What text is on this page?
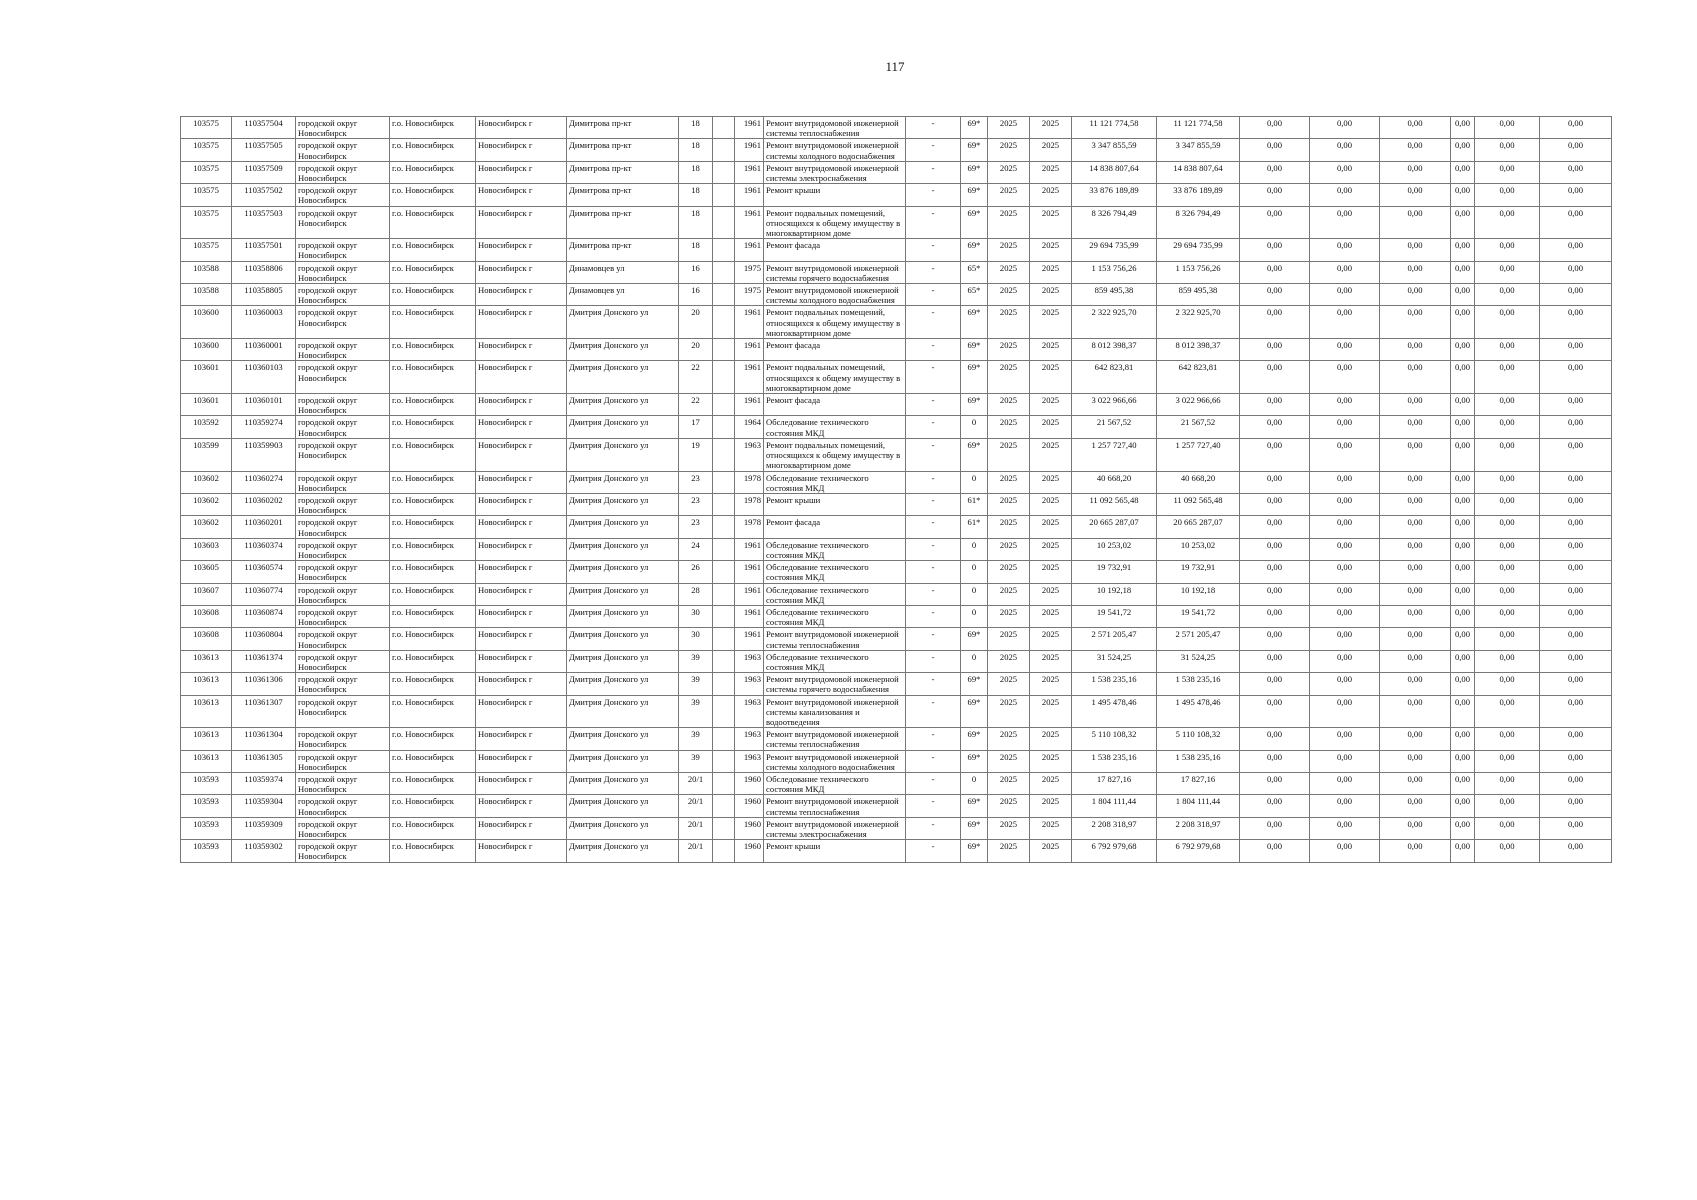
117
103575	110357504	городской округ Новосибирск	г.о. Новосибирск	Новосибирск г	Димитрова пр-кт	18		1961	Ремонт внутридомовой инженерной системы теплоснабжения	-	69*	2025	2025	11 121 774,58	11 121 774,58	0,00	0,00	0,00	0,00	0,00	0,00
103575	110357505	городской округ Новосибирск	г.о. Новосибирск	Новосибирск г	Димитрова пр-кт	18		1961	Ремонт внутридомовой инженерной системы холодного водоснабжения	-	69*	2025	2025	3 347 855,59	3 347 855,59	0,00	0,00	0,00	0,00	0,00	0,00
103575	110357509	городской округ Новосибирск	г.о. Новосибирск	Новосибирск г	Димитрова пр-кт	18		1961	Ремонт внутридомовой инженерной системы электроснабжения	-	69*	2025	2025	14 838 807,64	14 838 807,64	0,00	0,00	0,00	0,00	0,00	0,00
103575	110357502	городской округ Новосибирск	г.о. Новосибирск	Новосибирск г	Димитрова пр-кт	18		1961	Ремонт крыши	-	69*	2025	2025	33 876 189,89	33 876 189,89	0,00	0,00	0,00	0,00	0,00	0,00
103575	110357503	городской округ Новосибирск	г.о. Новосибирск	Новосибирск г	Димитрова пр-кт	18		1961	Ремонт подвальных помещений, относящихся к общему имуществу в многоквартирном доме	-	69*	2025	2025	8 326 794,49	8 326 794,49	0,00	0,00	0,00	0,00	0,00	0,00
103575	110357501	городской округ Новосибирск	г.о. Новосибирск	Новосибирск г	Димитрова пр-кт	18		1961	Ремонт фасада	-	69*	2025	2025	29 694 735,99	29 694 735,99	0,00	0,00	0,00	0,00	0,00	0,00
103588	110358806	городской округ Новосибирск	г.о. Новосибирск	Новосибирск г	Динамовцев ул	16		1975	Ремонт внутридомовой инженерной системы горячего водоснабжения	-	65*	2025	2025	1 153 756,26	1 153 756,26	0,00	0,00	0,00	0,00	0,00	0,00
103588	110358805	городской округ Новосибирск	г.о. Новосибирск	Новосибирск г	Динамовцев ул	16		1975	Ремонт внутридомовой инженерной системы холодного водоснабжения	-	65*	2025	2025	859 495,38	859 495,38	0,00	0,00	0,00	0,00	0,00	0,00
103600	110360003	городской округ Новосибирск	г.о. Новосибирск	Новосибирск г	Дмитрия Донского ул	20		1961	Ремонт подвальных помещений, относящихся к общему имуществу в многоквартирном доме	-	69*	2025	2025	2 322 925,70	2 322 925,70	0,00	0,00	0,00	0,00	0,00	0,00
103600	110360001	городской округ Новосибирск	г.о. Новосибирск	Новосибирск г	Дмитрия Донского ул	20		1961	Ремонт фасада	-	69*	2025	2025	8 012 398,37	8 012 398,37	0,00	0,00	0,00	0,00	0,00	0,00
103601	110360103	городской округ Новосибирск	г.о. Новосибирск	Новосибирск г	Дмитрия Донского ул	22		1961	Ремонт подвальных помещений, относящихся к общему имуществу в многоквартирном доме	-	69*	2025	2025	642 823,81	642 823,81	0,00	0,00	0,00	0,00	0,00	0,00
103601	110360101	городской округ Новосибирск	г.о. Новосибирск	Новосибирск г	Дмитрия Донского ул	22		1961	Ремонт фасада	-	69*	2025	2025	3 022 966,66	3 022 966,66	0,00	0,00	0,00	0,00	0,00	0,00
103592	110359274	городской округ Новосибирск	г.о. Новосибирск	Новосибирск г	Дмитрия Донского ул	17		1964	Обследование технического состояния МКД	-	0	2025	2025	21 567,52	21 567,52	0,00	0,00	0,00	0,00	0,00	0,00
103599	110359903	городской округ Новосибирск	г.о. Новосибирск	Новосибирск г	Дмитрия Донского ул	19		1963	Ремонт подвальных помещений, относящихся к общему имуществу в многоквартирном доме	-	69*	2025	2025	1 257 727,40	1 257 727,40	0,00	0,00	0,00	0,00	0,00	0,00
103602	110360274	городской округ Новосибирск	г.о. Новосибирск	Новосибирск г	Дмитрия Донского ул	23		1978	Обследование технического состояния МКД	-	0	2025	2025	40 668,20	40 668,20	0,00	0,00	0,00	0,00	0,00	0,00
103602	110360202	городской округ Новосибирск	г.о. Новосибирск	Новосибирск г	Дмитрия Донского ул	23		1978	Ремонт крыши	-	61*	2025	2025	11 092 565,48	11 092 565,48	0,00	0,00	0,00	0,00	0,00	0,00
103602	110360201	городской округ Новосибирск	г.о. Новосибирск	Новосибирск г	Дмитрия Донского ул	23		1978	Ремонт фасада	-	61*	2025	2025	20 665 287,07	20 665 287,07	0,00	0,00	0,00	0,00	0,00	0,00
103603	110360374	городской округ Новосибирск	г.о. Новосибирск	Новосибирск г	Дмитрия Донского ул	24		1961	Обследование технического состояния МКД	-	0	2025	2025	10 253,02	10 253,02	0,00	0,00	0,00	0,00	0,00	0,00
103605	110360574	городской округ Новосибирск	г.о. Новосибирск	Новосибирск г	Дмитрия Донского ул	26		1961	Обследование технического состояния МКД	-	0	2025	2025	19 732,91	19 732,91	0,00	0,00	0,00	0,00	0,00	0,00
103607	110360774	городской округ Новосибирск	г.о. Новосибирск	Новосибирск г	Дмитрия Донского ул	28		1961	Обследование технического состояния МКД	-	0	2025	2025	10 192,18	10 192,18	0,00	0,00	0,00	0,00	0,00	0,00
103608	110360874	городской округ Новосибирск	г.о. Новосибирск	Новосибирск г	Дмитрия Донского ул	30		1961	Обследование технического состояния МКД	-	0	2025	2025	19 541,72	19 541,72	0,00	0,00	0,00	0,00	0,00	0,00
103608	110360804	городской округ Новосибирск	г.о. Новосибирск	Новосибирск г	Дмитрия Донского ул	30		1961	Ремонт внутридомовой инженерной системы теплоснабжения	-	69*	2025	2025	2 571 205,47	2 571 205,47	0,00	0,00	0,00	0,00	0,00	0,00
103613	110361374	городской округ Новосибирск	г.о. Новосибирск	Новосибирск г	Дмитрия Донского ул	39		1963	Обследование технического состояния МКД	-	0	2025	2025	31 524,25	31 524,25	0,00	0,00	0,00	0,00	0,00	0,00
103613	110361306	городской округ Новосибирск	г.о. Новосибирск	Новосибирск г	Дмитрия Донского ул	39		1963	Ремонт внутридомовой инженерной системы горячего водоснабжения	-	69*	2025	2025	1 538 235,16	1 538 235,16	0,00	0,00	0,00	0,00	0,00	0,00
103613	110361307	городской округ Новосибирск	г.о. Новосибирск	Новосибирск г	Дмитрия Донского ул	39		1963	Ремонт внутридомовой инженерной системы канализования и водоотведения	-	69*	2025	2025	1 495 478,46	1 495 478,46	0,00	0,00	0,00	0,00	0,00	0,00
103613	110361304	городской округ Новосибирск	г.о. Новосибирск	Новосибирск г	Дмитрия Донского ул	39		1963	Ремонт внутридомовой инженерной системы теплоснабжения	-	69*	2025	2025	5 110 108,32	5 110 108,32	0,00	0,00	0,00	0,00	0,00	0,00
103613	110361305	городской округ Новосибирск	г.о. Новосибирск	Новосибирск г	Дмитрия Донского ул	39		1963	Ремонт внутридомовой инженерной системы холодного водоснабжения	-	69*	2025	2025	1 538 235,16	1 538 235,16	0,00	0,00	0,00	0,00	0,00	0,00
103593	110359374	городской округ Новосибирск	г.о. Новосибирск	Новосибирск г	Дмитрия Донского ул	20/1		1960	Обследование технического состояния МКД	-	0	2025	2025	17 827,16	17 827,16	0,00	0,00	0,00	0,00	0,00	0,00
103593	110359304	городской округ Новосибирск	г.о. Новосибирск	Новосибирск г	Дмитрия Донского ул	20/1		1960	Ремонт внутридомовой инженерной системы теплоснабжения	-	69*	2025	2025	1 804 111,44	1 804 111,44	0,00	0,00	0,00	0,00	0,00	0,00
103593	110359309	городской округ Новосибирск	г.о. Новосибирск	Новосибирск г	Дмитрия Донского ул	20/1		1960	Ремонт внутридомовой инженерной системы электроснабжения	-	69*	2025	2025	2 208 318,97	2 208 318,97	0,00	0,00	0,00	0,00	0,00	0,00
103593	110359302	городской округ Новосибирск	г.о. Новосибирск	Новосибирск г	Дмитрия Донского ул	20/1		1960	Ремонт крыши	-	69*	2025	2025	6 792 979,68	6 792 979,68	0,00	0,00	0,00	0,00	0,00	0,00
